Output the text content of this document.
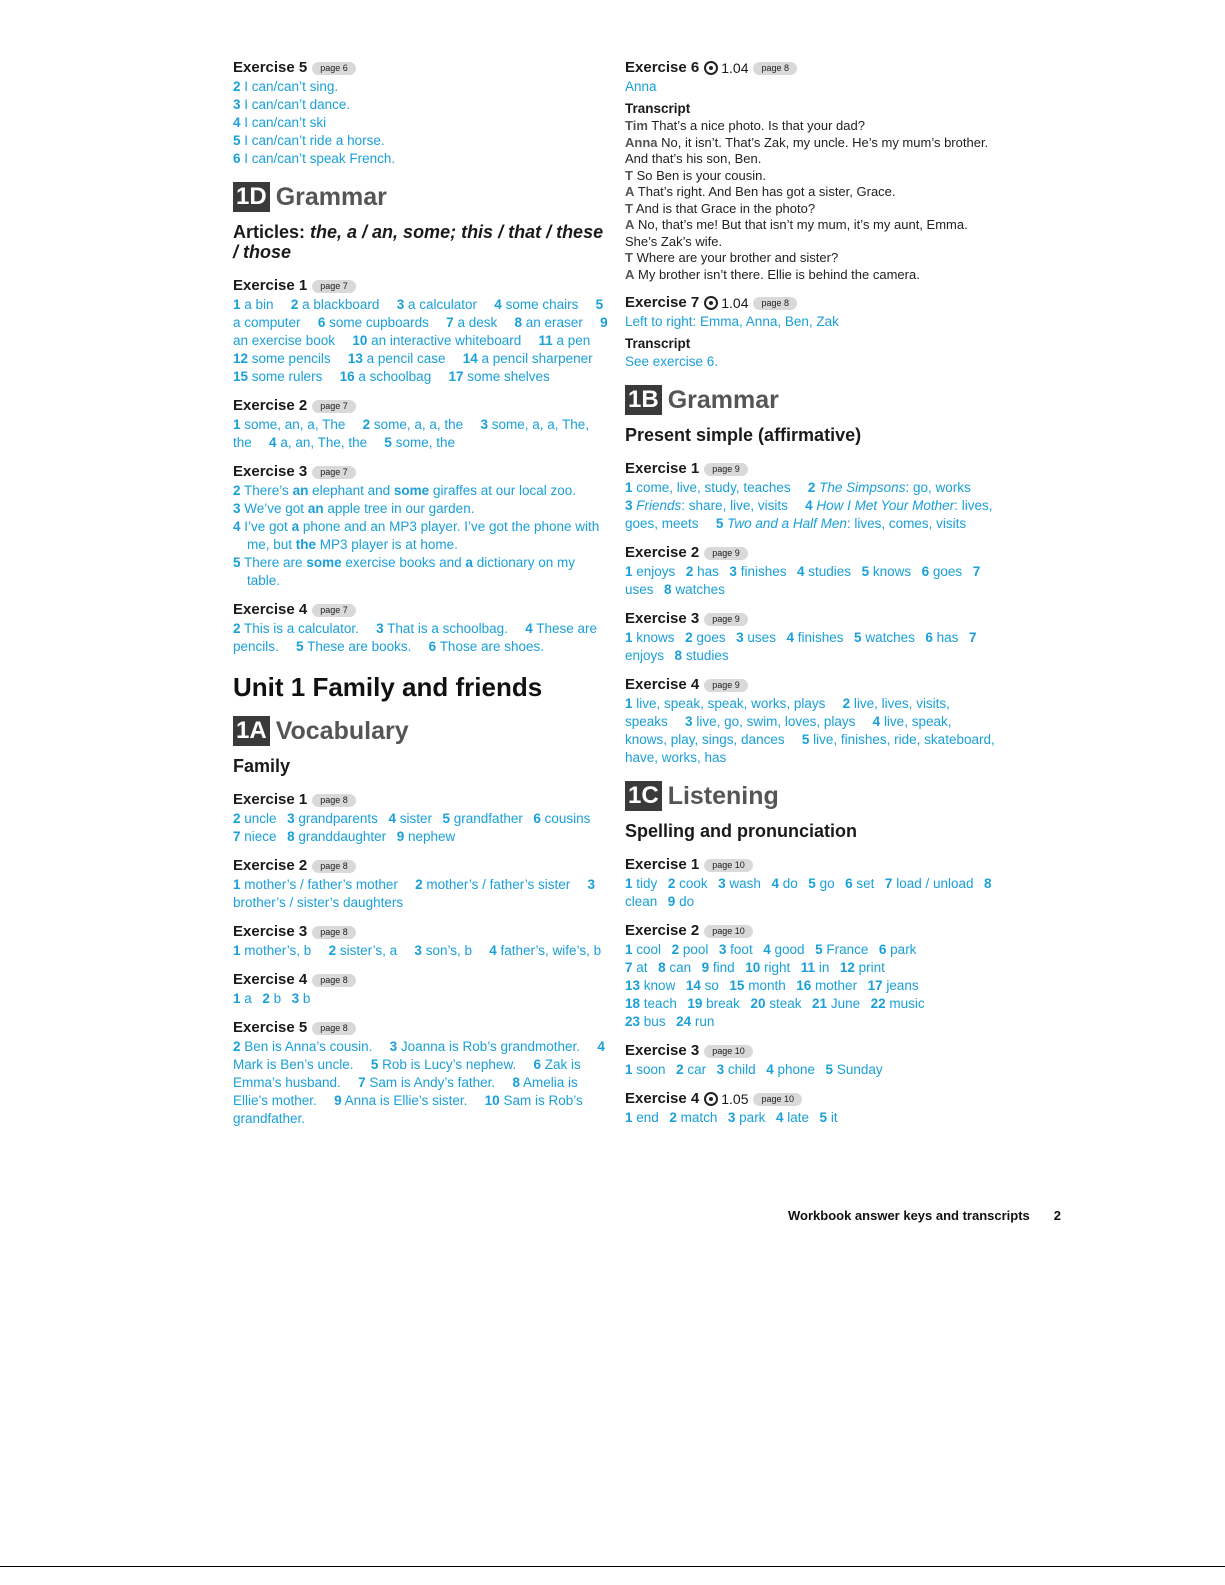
Exercise 5	page 6

2 I can/can’t sing.

3 I can/can’t dance.

4 I can/can’t ski

5 I can/can’t ride a horse.

6 I can/can’t speak French.

1D Grammar
Articles: the, a / an, some; this / that / these / those
Exercise 1	page 7

1 a bin  2 a blackboard  3 a calculator  4 some chairs  5 a computer  6 some cupboards  7 a desk  8 an eraser  9 an exercise book  10 an interactive whiteboard  11 a pen  12 some pencils  13 a pencil case  14 a pencil sharpener  15 some rulers  16 a schoolbag  17 some shelves

Exercise 2	page 7

1 some, an, a, The  2 some, a, a, the  3 some, a, a, The, the  4 a, an, The, the  5 some, the

Exercise 3	page 7

2 There’s an elephant and some giraffes at our local zoo.

3 We’ve got an apple tree in our garden.

4 I’ve got a phone and an MP3 player. I’ve got the phone with me, but the MP3 player is at home.

5 There are some exercise books and a dictionary on my table.

Exercise 4	page 7

2 This is a calculator.  3 That is a schoolbag.  4 These are pencils.  5 These are books.  6 Those are shoes.

Unit 1 Family and friends
1A Vocabulary
Family
Exercise 1	page 8

2 uncle   3 grandparents   4 sister   5 grandfather   6 cousins  7 niece   8 granddaughter   9 nephew

Exercise 2	page 8

1 mother’s / father’s mother  2 mother’s / father’s sister  3 brother’s / sister’s daughters

Exercise 3	page 8

1 mother’s, b  2 sister’s, a  3 son’s, b  4 father’s, wife’s, b

Exercise 4	page 8

1 a   2 b   3 b

Exercise 5	page 8

2 Ben is Anna’s cousin.  3 Joanna is Rob’s grandmother.  4 Mark is Ben’s uncle.  5 Rob is Lucy’s nephew.  6 Zak is Emma’s husband.  7 Sam is Andy’s father.  8 Amelia is Ellie’s mother.  9 Anna is Ellie’s sister.  10 Sam is Rob’s grandfather.

Exercise 6 1.04	page 8

Anna

Transcript

Tim That’s a nice photo. Is that your dad?

Anna No, it isn’t. That’s Zak, my uncle. He’s my mum’s brother. And that’s his son, Ben.

T So Ben is your cousin.

A That’s right. And Ben has got a sister, Grace.

T And is that Grace in the photo?

A No, that’s me! But that isn’t my mum, it’s my aunt, Emma. She’s Zak’s wife.

T Where are your brother and sister?

A My brother isn’t there. Ellie is behind the camera.

Exercise 7 1.04	page 8

Left to right: Emma, Anna, Ben, Zak

Transcript

See exercise 6.

1B Grammar
Present simple (affirmative)
Exercise 1	page 9

1 come, live, study, teaches  2 The Simpsons: go, works  3 Friends: share, live, visits  4 How I Met Your Mother: lives, goes, meets  5 Two and a Half Men: lives, comes, visits

Exercise 2	page 9

1 enjoys   2 has   3 finishes   4 studies   5 knows   6 goes   7 uses   8 watches

Exercise 3	page 9

1 knows   2 goes   3 uses   4 finishes   5 watches   6 has   7 enjoys   8 studies

Exercise 4	page 9

1 live, speak, speak, works, plays  2 live, lives, visits, speaks  3 live, go, swim, loves, plays  4 live, speak, knows, play, sings, dances  5 live, finishes, ride, skateboard, have, works, has

1C Listening
Spelling and pronunciation
Exercise 1	page 10

1 tidy   2 cook   3 wash   4 do   5 go   6 set   7 load / unload   8 clean   9 do

Exercise 2	page 10

1 cool   2 pool   3 foot   4 good   5 France   6 park

7 at   8 can   9 find   10 right   11 in   12 print

13 know   14 so   15 month   16 mother   17 jeans

18 teach   19 break   20 steak   21 June   22 music

23 bus   24 run

Exercise 3	page 10

1 soon   2 car   3 child   4 phone   5 Sunday

Exercise 4 1.05	page 10

1 end   2 match   3 park   4 late   5 it

Workbook answer keys and transcripts 2
